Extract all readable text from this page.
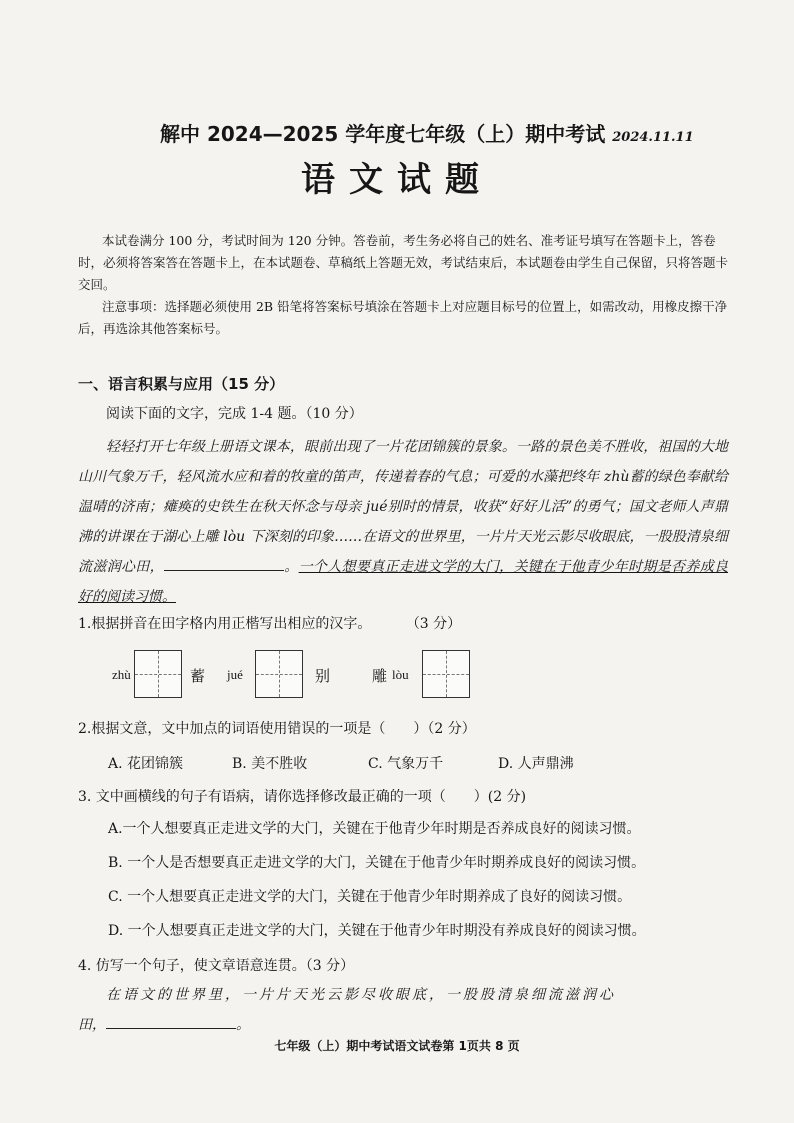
解中 2024—2025 学年度七年级（上）期中考试 2024.11.11
语文试题

本试卷满分 100 分，考试时间为 120 分钟。答卷前，考生务必将自己的姓名、准考证号填写在答题卡上，答卷时，必须将答案答在答题卡上，在本试题卷、草稿纸上答题无效，考试结束后，本试题卷由学生自己保留，只将答题卡交回。

注意事项：选择题必须使用 2B 铅笔将答案标号填涂在答题卡上对应题目标号的位置上，如需改动，用橡皮擦干净后，再选涂其他答案标号。

一、语言积累与应用（15 分）
阅读下面的文字，完成 1-4 题。（10 分）
轻轻打开七年级上册语文课本，眼前出现了一片花团锦簇的景象。一路的景色美不胜收，祖国的大地山川气象万千，轻风流水应和着的牧童的笛声，传递着春的气息；可爱的水藻把终年 zhù蓄的绿色奉献给温晴的济南；瘫痪的史铁生在秋天怀念与母亲 jué别时的情景，收获“好好儿活”的勇气；国文老师人声鼎沸的讲课在于湖心上雕 lòu 下深刻的印象……在语文的世界里，一片片天光云影尽收眼底，一股股清泉细流滋润心田，	。一个人想要真正走进文学的大门，关键在于他青少年时期是否养成良好的阅读习惯。
1.根据拼音在田字格内用正楷写出相应的汉字。 （3 分）
zhù	蓄 jué	别	雕 lòu
2.根据文意，文中加点的词语使用错误的一项是（　　）（2 分）
A. 花团锦簇	B. 美不胜收	C. 气象万千	D. 人声鼎沸
3. 文中画横线的句子有语病，请你选择修改最正确的一项（　　）(2 分)
A.一个人想要真正走进文学的大门，关键在于他青少年时期是否养成良好的阅读习惯。
B. 一个人是否想要真正走进文学的大门，关键在于他青少年时期养成良好的阅读习惯。
C. 一个人想要真正走进文学的大门，关键在于他青少年时期养成了良好的阅读习惯。
D. 一个人想要真正走进文学的大门，关键在于他青少年时期没有养成良好的阅读习惯。
4. 仿写一个句子，使文章语意连贯。（3 分）
在语文的世界里，一片片天光云影尽收眼底，一股股清泉细流滋润心
田，	。
七年级（上）期中考试语文试卷第 1页共 8 页
